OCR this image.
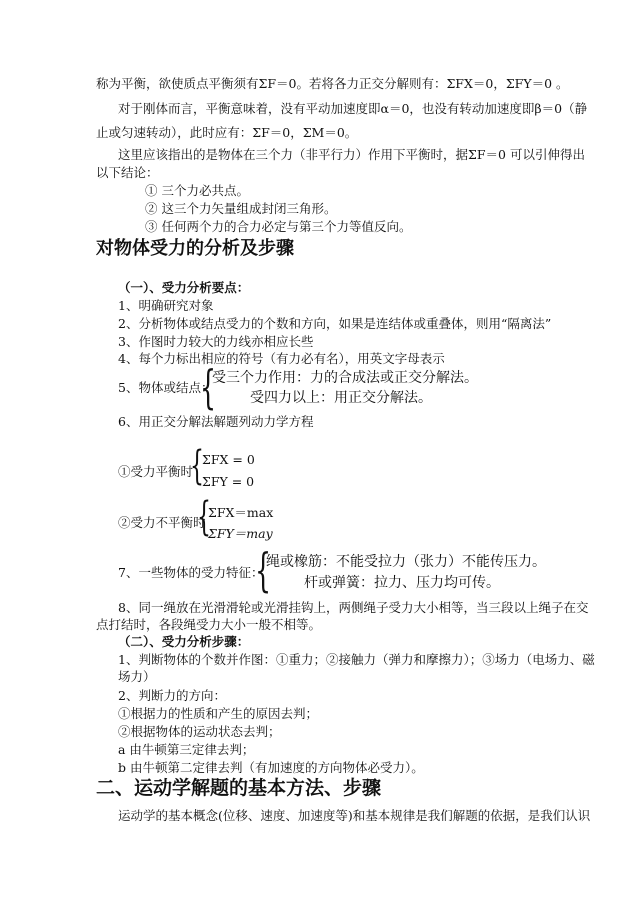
称为平衡，欲使质点平衡须有ΣF＝0。若将各力正交分解则有：ΣFX＝0，ΣFY＝0 。
对于刚体而言，平衡意味着，没有平动加速度即α＝0，也没有转动加速度即β＝0（静
止或匀速转动），此时应有：ΣF＝0，ΣM＝0。
这里应该指出的是物体在三个力（非平行力）作用下平衡时，据ΣF＝0 可以引伸得出
以下结论：
① 三个力必共点。
② 这三个力矢量组成封闭三角形。
③ 任何两个力的合力必定与第三个力等值反向。
对物体受力的分析及步骤
（一）、受力分析要点：
1、明确研究对象
2、分析物体或结点受力的个数和方向，如果是连结体或重叠体，则用“隔离法”
3、作图时力较大的力线亦相应长些
4、每个力标出相应的符号（有力必有名），用英文字母表示
5、物体或结点：
{
受三个力作用：力的合成法或正交分解法。
受四力以上：用正交分解法。
6、用正交分解法解题列动力学方程
①受力平衡时
{
ΣFX = 0
ΣFY = 0
②受力不平衡时
{
ΣFX＝max
ΣFY＝may
7、一些物体的受力特征：
{
绳或橡筋：不能受拉力（张力）不能传压力。
杆或弹簧：拉力、压力均可传。
8、同一绳放在光滑滑轮或光滑挂钩上，两侧绳子受力大小相等，当三段以上绳子在交
点打结时，各段绳受力大小一般不相等。
（二）、受力分析步骤：
1、判断物体的个数并作图：①重力；②接触力（弹力和摩擦力）；③场力（电场力、磁
场力）
2、判断力的方向：
①根据力的性质和产生的原因去判；
②根据物体的运动状态去判；
a 由牛顿第三定律去判；
b 由牛顿第二定律去判（有加速度的方向物体必受力）。
二、运动学解题的基本方法、步骤
运动学的基本概念(位移、速度、加速度等)和基本规律是我们解题的依据，是我们认识
